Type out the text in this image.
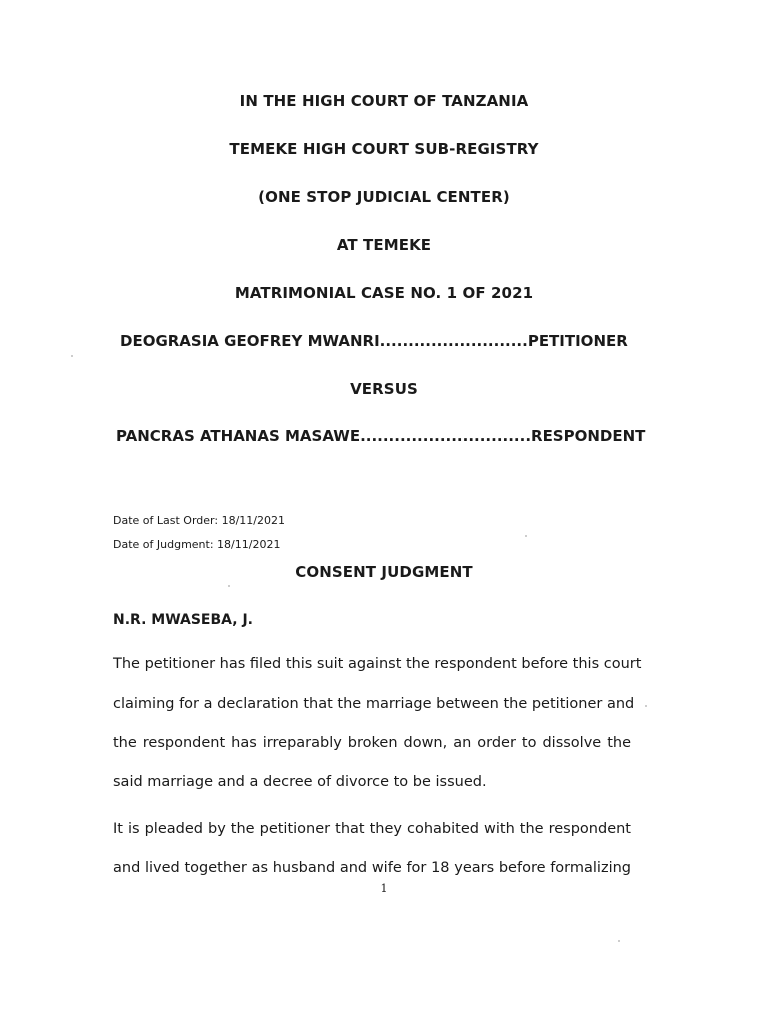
IN THE HIGH COURT OF TANZANIA
TEMEKE HIGH COURT SUB-REGISTRY
(ONE STOP JUDICIAL CENTER)
AT TEMEKE
MATRIMONIAL CASE NO. 1 OF 2021
DEOGRASIA GEOFREY MWANRI..........................PETITIONER
VERSUS
PANCRAS ATHANAS MASAWE..............................RESPONDENT
Date of Last Order: 18/11/2021
Date of Judgment: 18/11/2021
CONSENT JUDGMENT
N.R. MWASEBA, J.
The petitioner has filed this suit against the respondent before this court
claiming for a declaration that the marriage between the petitioner and
the respondent has irreparably broken down, an order to dissolve the
said marriage and a decree of divorce to be issued.
It is pleaded by the petitioner that they cohabited with the respondent
and lived together as husband and wife for 18 years before formalizing
1
